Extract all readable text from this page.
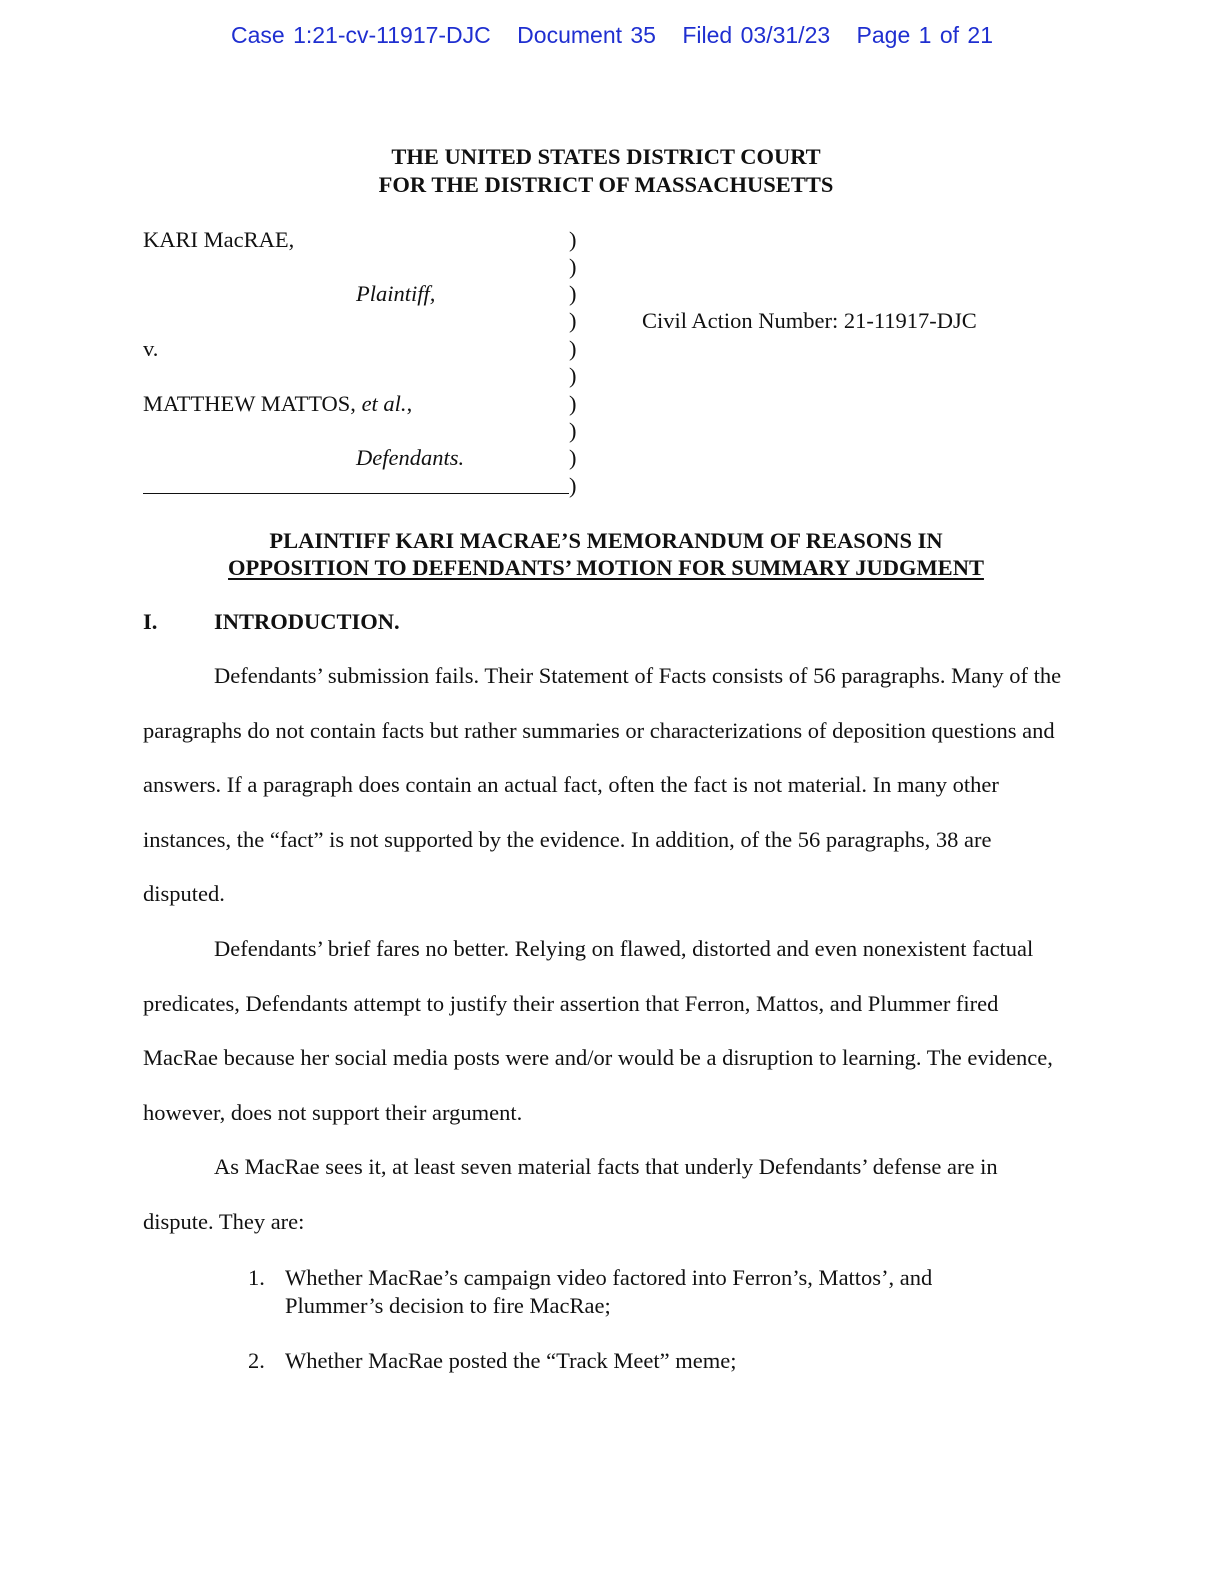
Case 1:21-cv-11917-DJC Document 35 Filed 03/31/23 Page 1 of 21
THE UNITED STATES DISTRICT COURT
FOR THE DISTRICT OF MASSACHUSETTS
KARI MacRAE,
Plaintiff,
v.
MATTHEW MATTOS, et al.,
Defendants.
Civil Action Number: 21-11917-DJC
)
)
)
)
)
)
)
)
)
)
PLAINTIFF KARI MACRAE’S MEMORANDUM OF REASONS IN
OPPOSITION TO DEFENDANTS’ MOTION FOR SUMMARY JUDGMENT
I.	INTRODUCTION.

Defendants’ submission fails. Their Statement of Facts consists of 56 paragraphs. Many of the paragraphs do not contain facts but rather summaries or characterizations of deposition questions and answers. If a paragraph does contain an actual fact, often the fact is not material. In many other instances, the “fact” is not supported by the evidence. In addition, of the 56 paragraphs, 38 are disputed.

Defendants’ brief fares no better. Relying on flawed, distorted and even nonexistent factual predicates, Defendants attempt to justify their assertion that Ferron, Mattos, and Plummer fired MacRae because her social media posts were and/or would be a disruption to learning. The evidence, however, does not support their argument.

As MacRae sees it, at least seven material facts that underly Defendants’ defense are in dispute. They are:

1. Whether MacRae’s campaign video factored into Ferron’s, Mattos’, and Plummer’s decision to fire MacRae;
2. Whether MacRae posted the “Track Meet” meme;
